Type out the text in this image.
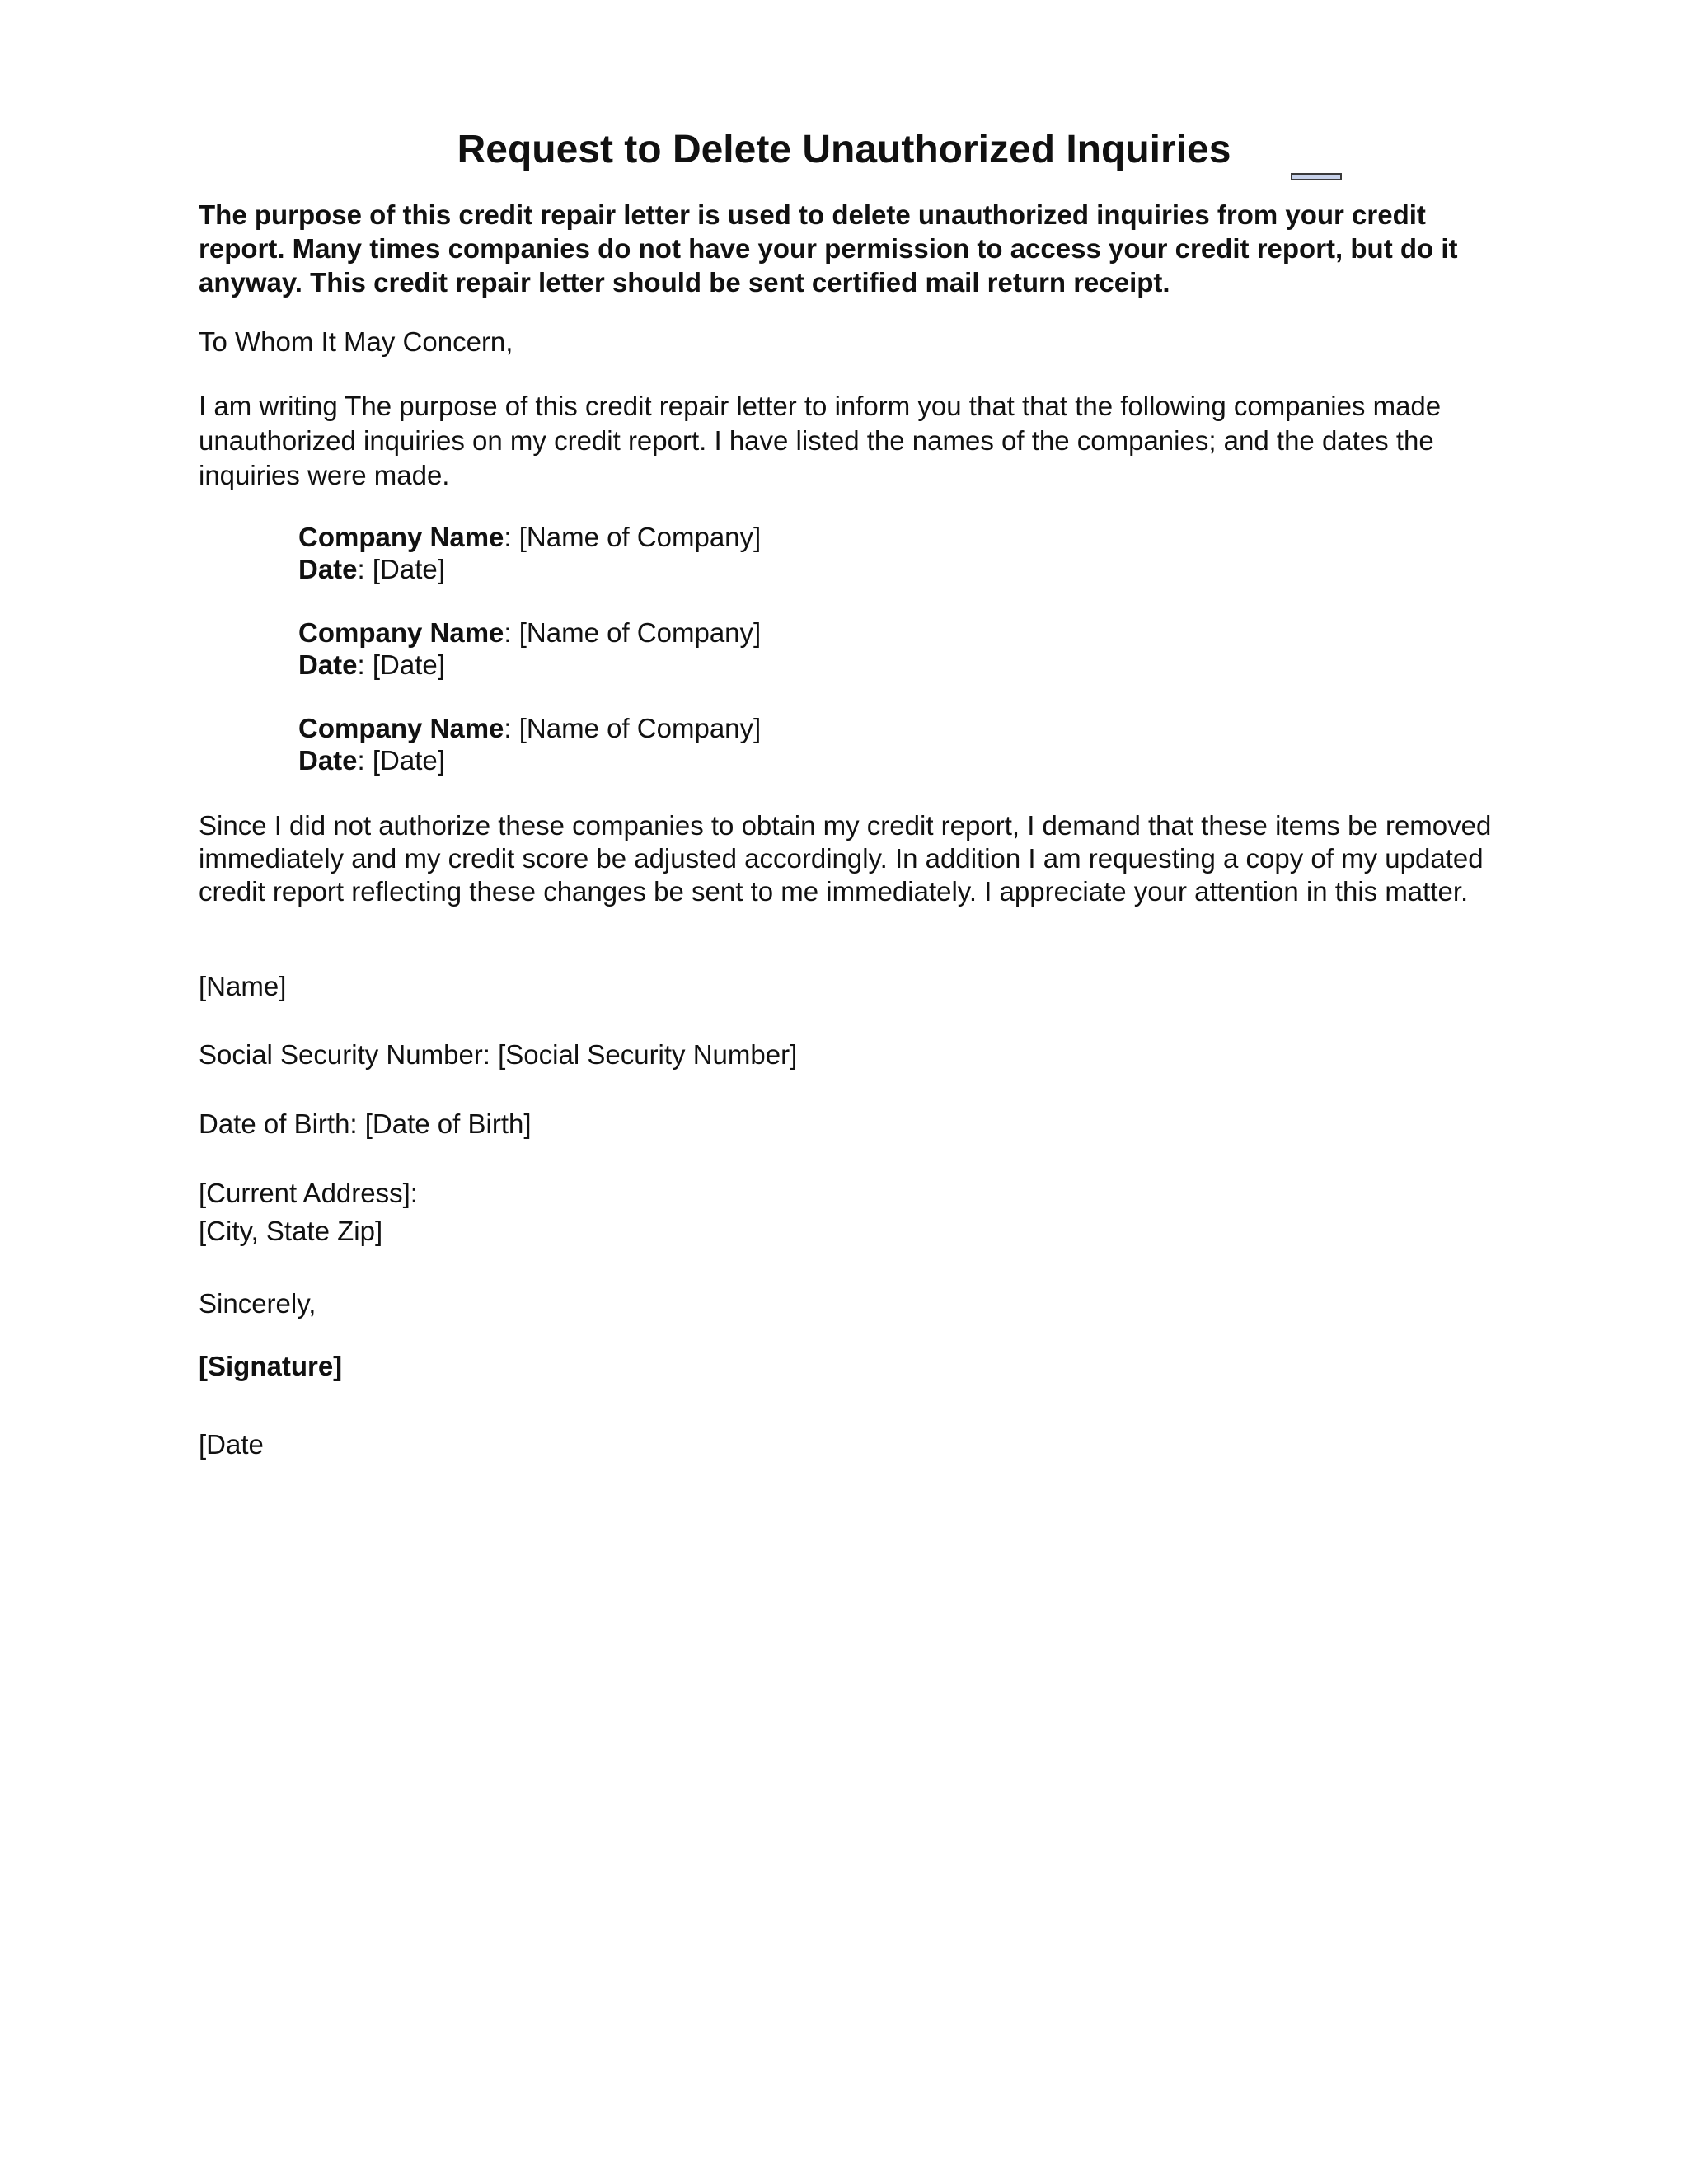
Request to Delete Unauthorized Inquiries

The purpose of this credit repair letter is used to delete unauthorized inquiries from your credit report. Many times companies do not have your permission to access your credit report, but do it anyway. This credit repair letter should be sent certified mail return receipt.

To Whom It May Concern,

I am writing The purpose of this credit repair letter to inform you that that the following companies made unauthorized inquiries on my credit report. I have listed the names of the companies; and the dates the inquiries were made.

Company Name: [Name of Company]
Date: [Date]
Company Name: [Name of Company]
Date: [Date]
Company Name: [Name of Company]
Date: [Date]

Since I did not authorize these companies to obtain my credit report, I demand that these items be removed immediately and my credit score be adjusted accordingly. In addition I am requesting a copy of my updated credit report reflecting these changes be sent to me immediately. I appreciate your attention in this matter.

[Name]

Social Security Number: [Social Security Number]

Date of Birth: [Date of Birth]

[Current Address]:

[City, State Zip]

Sincerely,

[Signature]

[Date
